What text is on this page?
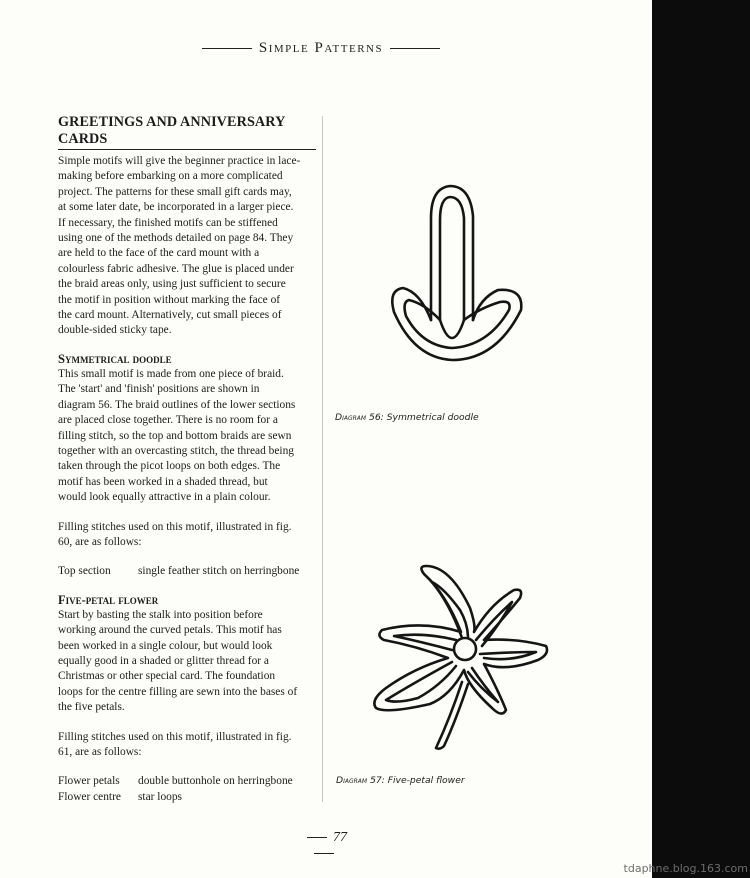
tdaphne.blog.163.com
Simple Patterns
GREETINGS AND ANNIVERSARY CARDS

Simple motifs will give the beginner practice in lace-

making before embarking on a more complicated

project. The patterns for these small gift cards may,

at some later date, be incorporated in a larger piece.

If necessary, the finished motifs can be stiffened

using one of the methods detailed on page 84. They

are held to the face of the card mount with a

colourless fabric adhesive. The glue is placed under

the braid areas only, using just sufficient to secure

the motif in position without marking the face of

the card mount. Alternatively, cut small pieces of

double-sided sticky tape.

Symmetrical doodle

This small motif is made from one piece of braid.

The 'start' and 'finish' positions are shown in

diagram 56. The braid outlines of the lower sections

are placed close together. There is no room for a

filling stitch, so the top and bottom braids are sewn

together with an overcasting stitch, the thread being

taken through the picot loops on both edges. The

motif has been worked in a shaded thread, but

would look equally attractive in a plain colour.

Filling stitches used on this motif, illustrated in fig.

60, are as follows:

Top section	single feather stitch on herringbone
Five-petal flower

Start by basting the stalk into position before

working around the curved petals. This motif has

been worked in a single colour, but would look

equally good in a shaded or glitter thread for a

Christmas or other special card. The foundation

loops for the centre filling are sewn into the bases of

the five petals.

Filling stitches used on this motif, illustrated in fig.

61, are as follows:

Flower petals	double buttonhole on herringbone
Flower centre	star loops
Diagram 56: Symmetrical doodle
Diagram 57: Five-petal flower
77
